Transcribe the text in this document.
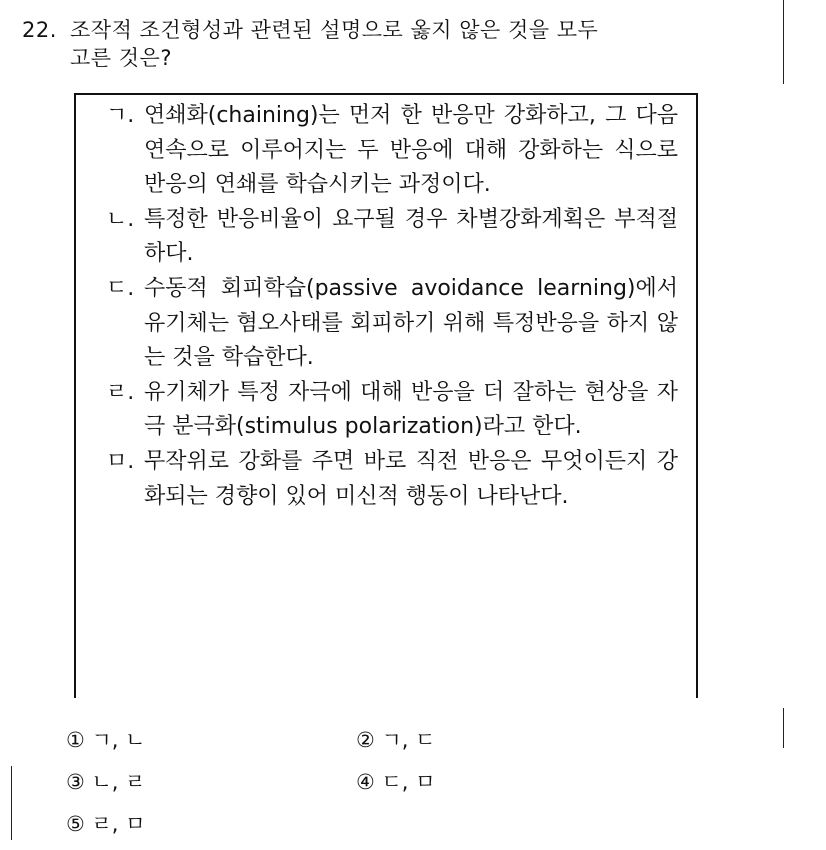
22. 조작적 조건형성과 관련된 설명으로 옳지 않은 것을 모두
고른 것은?
ㄱ. 연쇄화(chaining)는 먼저 한 반응만 강화하고, 그 다음 연속으로 이루어지는 두 반응에 대해 강화하는 식으로 반응의 연쇄를 학습시키는 과정이다.
ㄴ. 특정한 반응비율이 요구될 경우 차별강화계획은 부적절하다.
ㄷ. 수동적 회피학습(passive avoidance learning)에서 유기체는 혐오사태를 회피하기 위해 특정반응을 하지 않는 것을 학습한다.
ㄹ. 유기체가 특정 자극에 대해 반응을 더 잘하는 현상을 자극 분극화(stimulus polarization)라고 한다.
ㅁ. 무작위로 강화를 주면 바로 직전 반응은 무엇이든지 강화되는 경향이 있어 미신적 행동이 나타난다.
① ㄱ, ㄴ	② ㄱ, ㄷ
③ ㄴ, ㄹ	④ ㄷ, ㅁ
⑤ ㄹ, ㅁ
